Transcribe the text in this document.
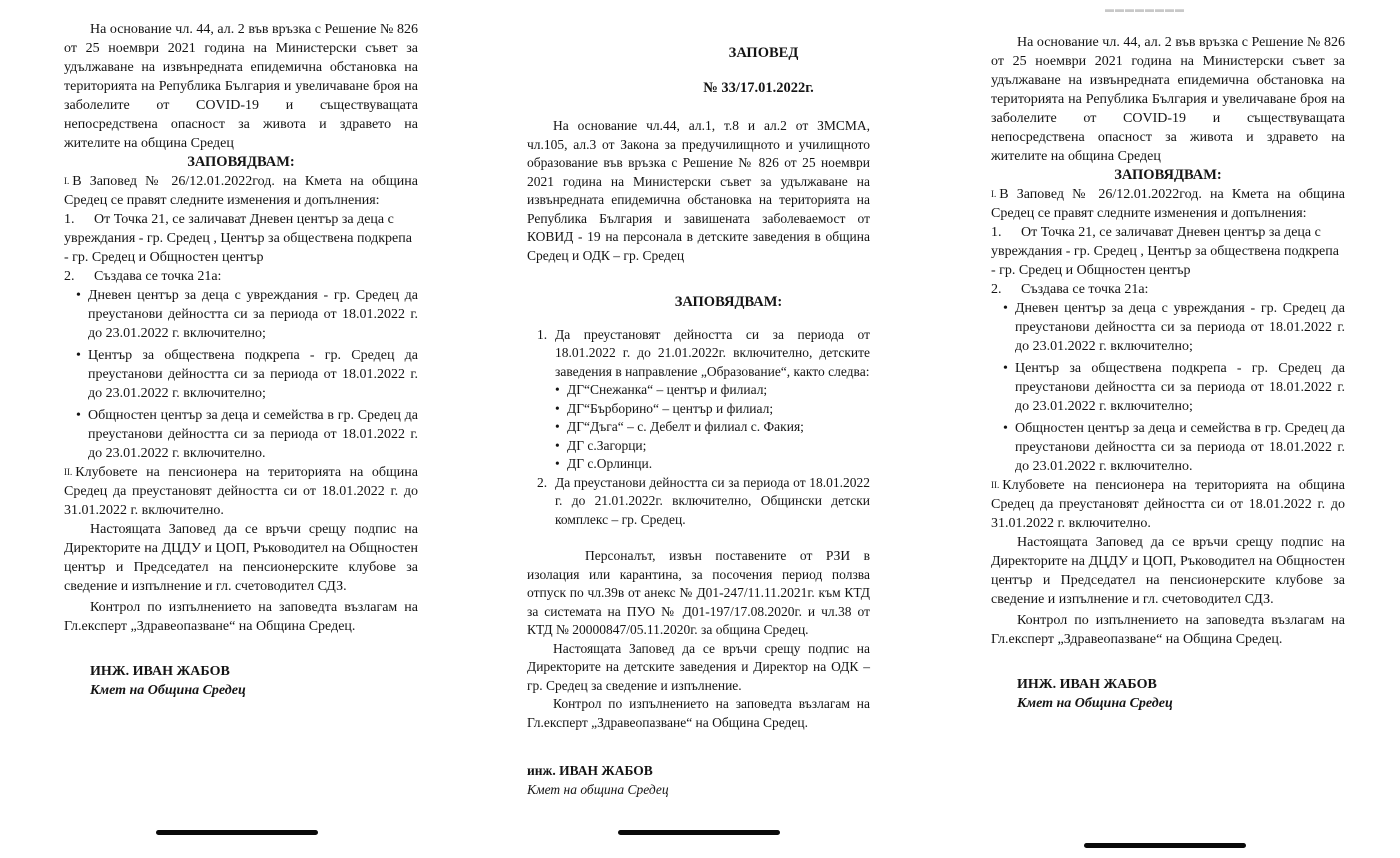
На основание чл. 44, ал. 2 във връзка с Решение № 826 от 25 ноември 2021 година на Министерски съвет за удължаване на извънредната епидемична обстановка на територията на Република България и увеличаване броя на заболелите от COVID-19 и съществуващата непосредствена опасност за живота и здравето на жителите на община Средец

ЗАПОВЯДВАМ:

I. В Заповед № 26/12.01.2022год. на Кмета на община Средец се правят следните изменения и допълнения:

1. От Точка 21, се заличават Дневен център за деца с увреждания - гр. Средец , Център за обществена подкрепа - гр. Средец и Общностен център

2. Създава се точка 21а:

• Дневен център за деца с увреждания - гр. Средец да преустанови дейността си за периода от 18.01.2022 г. до 23.01.2022 г. включително;

• Център за обществена подкрепа - гр. Средец да преустанови дейността си за периода от 18.01.2022 г. до 23.01.2022 г. включително;

• Общностен център за деца и семейства в гр. Средец да преустанови дейността си за периода от 18.01.2022 г. до 23.01.2022 г. включително.

II. Клубовете на пенсионера на територията на община Средец да преустановят дейността си от 18.01.2022 г. до 31.01.2022 г. включително.

Настоящата Заповед да се връчи срещу подпис на Директорите на ДЦДУ и ЦОП, Ръководител на Общностен център и Председател на пенсионерските клубове за сведение и изпълнение и гл. счетоводител СДЗ.

Контрол по изпълнението на заповедта възлагам на Гл.експерт „Здравеопазване“ на Община Средец.

ИНЖ. ИВАН ЖАБОВ

Кмет на Община Средец

ЗАПОВЕД

№ 33/17.01.2022г.

На основание чл.44, ал.1, т.8 и ал.2 от ЗМСМА, чл.105, ал.3 от Закона за предучилищното и училищното образование във връзка с Решение № 826 от 25 ноември 2021 година на Министерски съвет за удължаване на извънредната епидемична обстановка на територията на Република България и завишената заболеваемост от КОВИД - 19 на персонала в детските заведения в община Средец и ОДК – гр. Средец

ЗАПОВЯДВАМ:

1. Да преустановят дейността си за периода от 18.01.2022 г. до 21.01.2022г. включително, детските заведения в направление „Образование“, както следва:

• ДГ“Снежанка“ – център и филиал;

• ДГ“Бърборино“ – център и филиал;

• ДГ“Дъга“ – с. Дебелт и филиал с. Факия;

• ДГ с.Загорци;

• ДГ с.Орлинци.

2. Да преустанови дейността си за периода от 18.01.2022 г. до 21.01.2022г. включително, Общински детски комплекс – гр. Средец.

Персоналът, извън поставените от РЗИ в изолация или карантина, за посочения период ползва отпуск по чл.39в от анекс № Д01-247/11.11.2021г. към КТД за системата на ПУО № Д01-197/17.08.2020г. и чл.38 от КТД № 20000847/05.11.2020г. за община Средец.

Настоящата Заповед да се връчи срещу подпис на Директорите на детските заведения и Директор на ОДК – гр. Средец за сведение и изпълнение.

Контрол по изпълнението на заповедта възлагам на Гл.експерт „Здравеопазване“ на Община Средец.

инж. ИВАН ЖАБОВ

Кмет на община Средец

▬▬▬▬▬▬▬▬

На основание чл. 44, ал. 2 във връзка с Решение № 826 от 25 ноември 2021 година на Министерски съвет за удължаване на извънредната епидемична обстановка на територията на Република България и увеличаване броя на заболелите от COVID-19 и съществуващата непосредствена опасност за живота и здравето на жителите на община Средец

ЗАПОВЯДВАМ:

I. В Заповед № 26/12.01.2022год. на Кмета на община Средец се правят следните изменения и допълнения:

1. От Точка 21, се заличават Дневен център за деца с увреждания - гр. Средец , Център за обществена подкрепа - гр. Средец и Общностен център

2. Създава се точка 21а:

• Дневен център за деца с увреждания - гр. Средец да преустанови дейността си за периода от 18.01.2022 г. до 23.01.2022 г. включително;

• Център за обществена подкрепа - гр. Средец да преустанови дейността си за периода от 18.01.2022 г. до 23.01.2022 г. включително;

• Общностен център за деца и семейства в гр. Средец да преустанови дейността си за периода от 18.01.2022 г. до 23.01.2022 г. включително.

II. Клубовете на пенсионера на територията на община Средец да преустановят дейността си от 18.01.2022 г. до 31.01.2022 г. включително.

Настоящата Заповед да се връчи срещу подпис на Директорите на ДЦДУ и ЦОП, Ръководител на Общностен център и Председател на пенсионерските клубове за сведение и изпълнение и гл. счетоводител СДЗ.

Контрол по изпълнението на заповедта възлагам на Гл.експерт „Здравеопазване“ на Община Средец.

ИНЖ. ИВАН ЖАБОВ

Кмет на Община Средец
